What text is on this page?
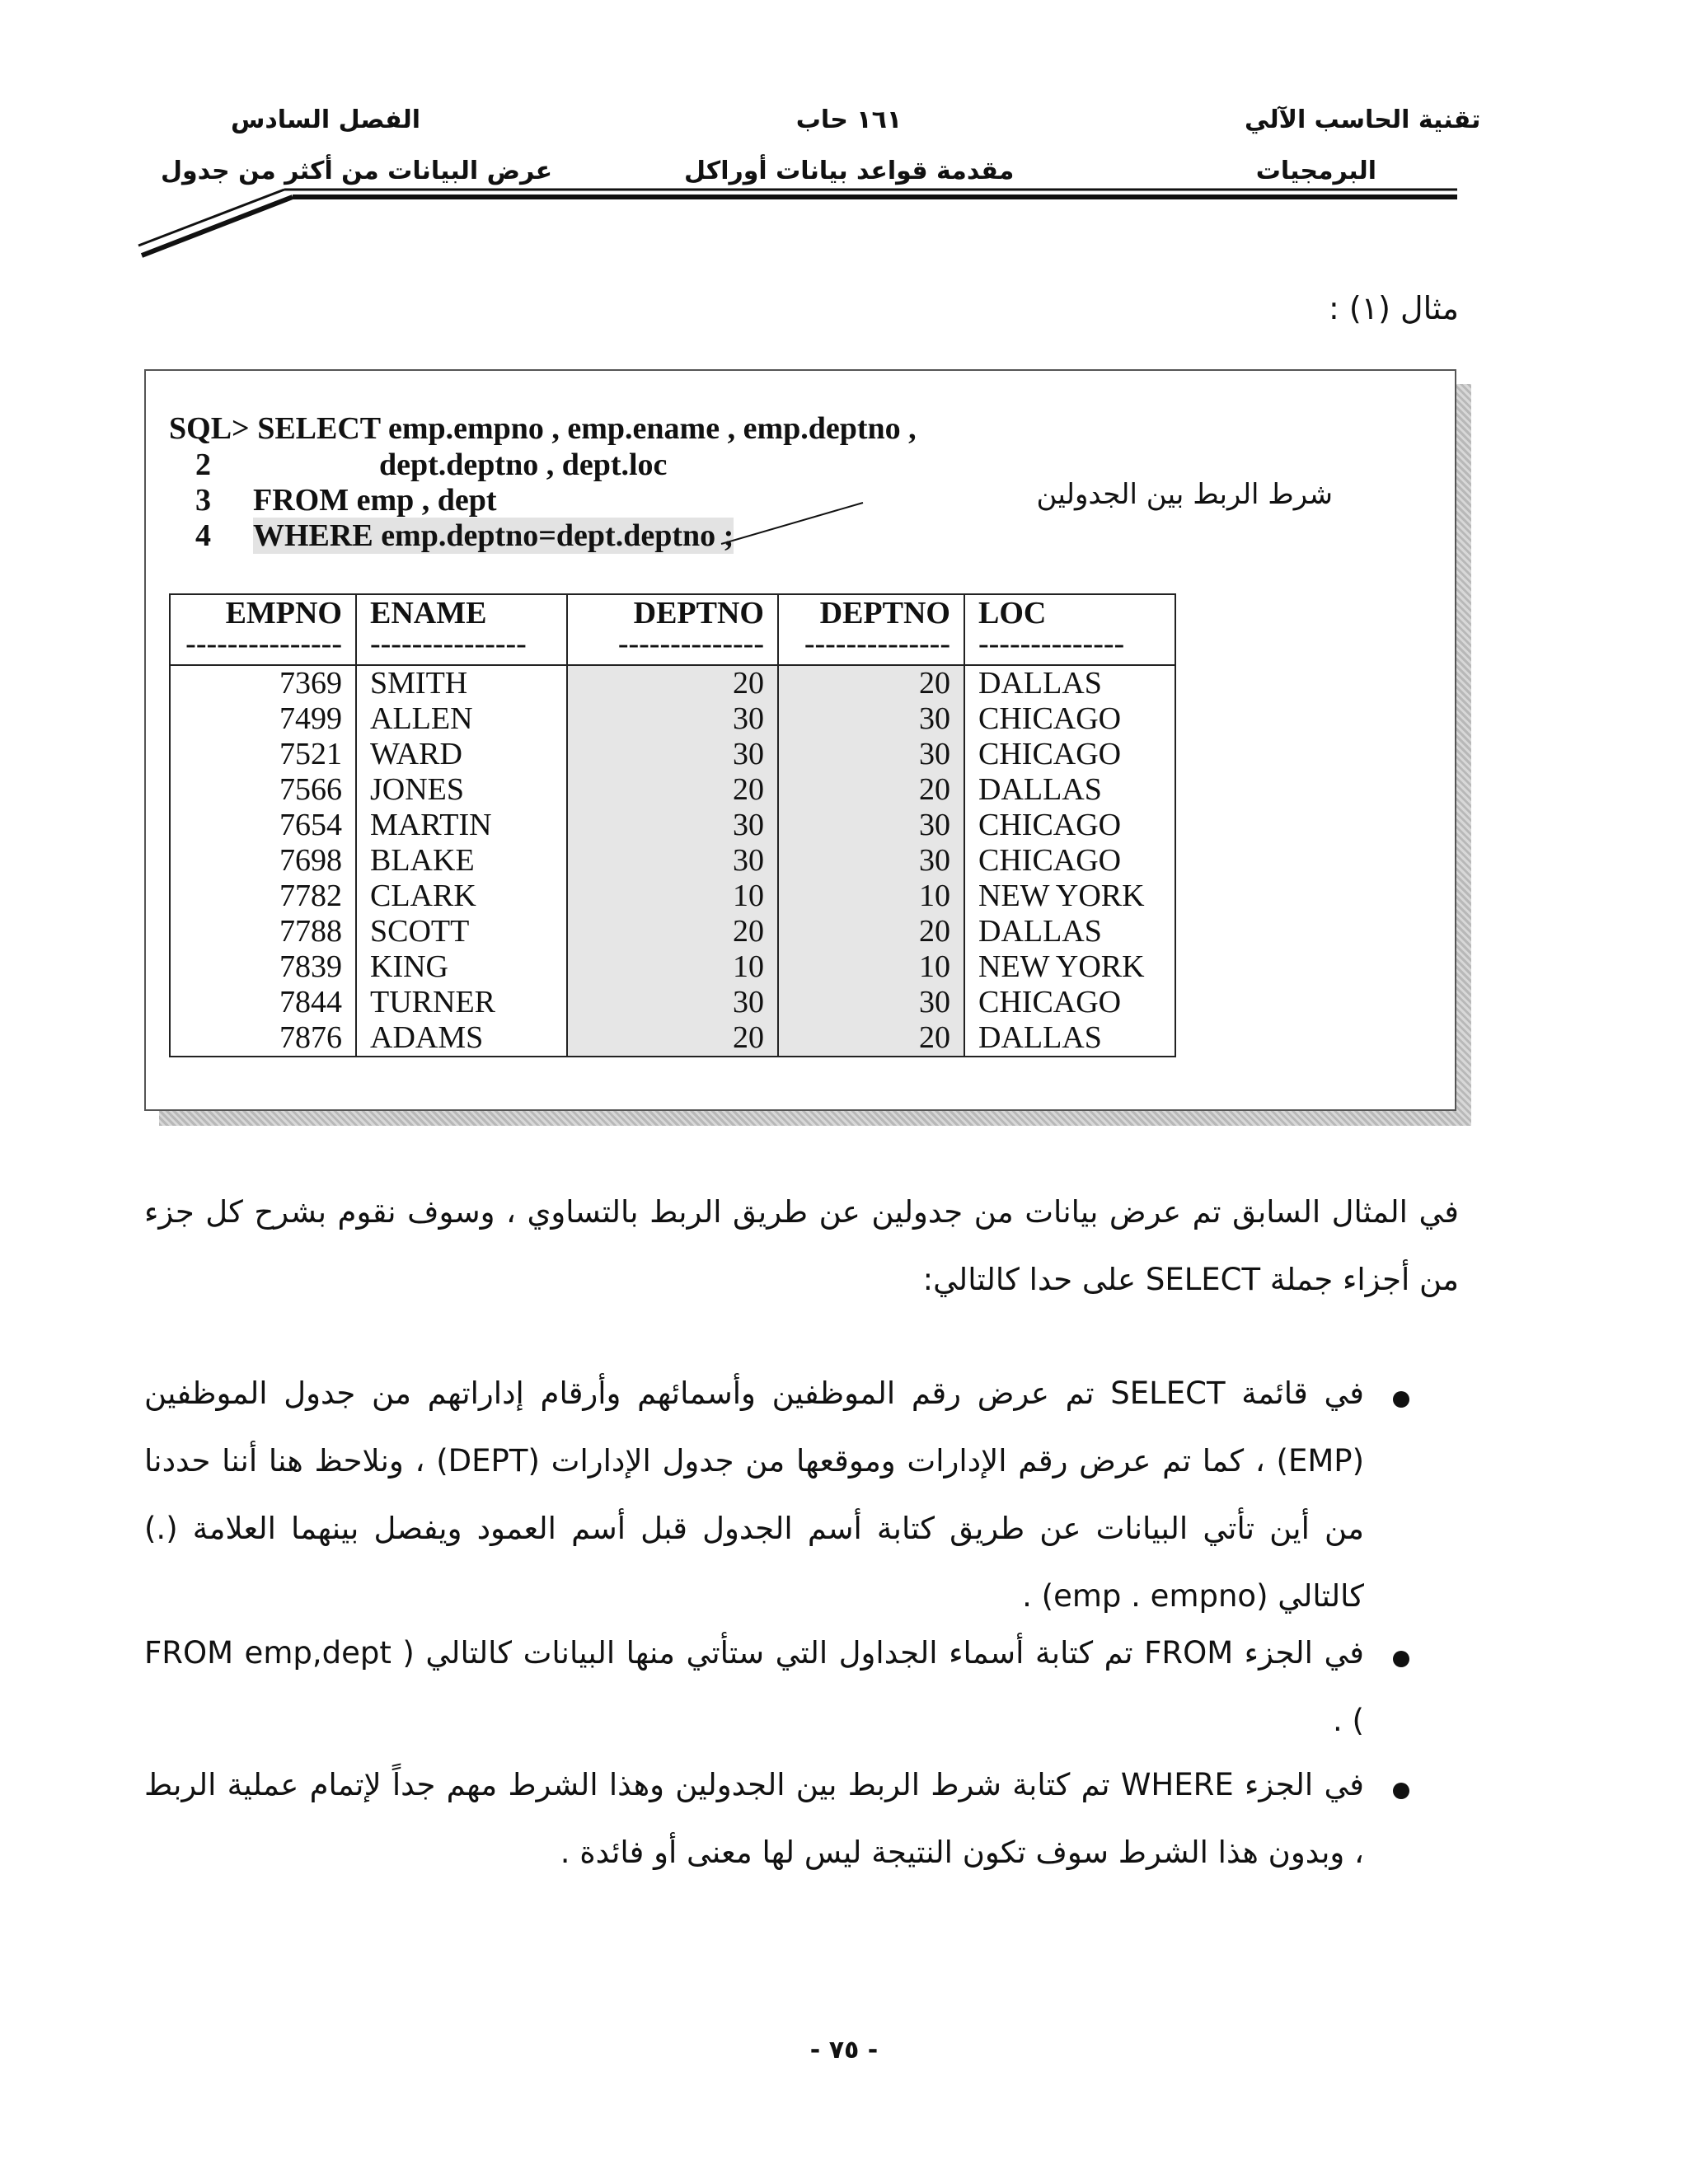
تقنية الحاسب الآلي
البرمجيات
١٦١ حاب
مقدمة قواعد بيانات أوراكل
الفصل السادس
عرض البيانات من أكثر من جدول
مثال (١) :
SQL> SELECT emp.empno , emp.ename , emp.deptno ,
2	dept.deptno , dept.loc
3 FROM emp , dept
4 WHERE emp.deptno=dept.deptno ;
شرط الربط بين الجدولين
EMPNO	ENAME	DEPTNO	DEPTNO	LOC
---------------	---------------	--------------	--------------	--------------
7369	SMITH	20	20	DALLAS
7499	ALLEN	30	30	CHICAGO
7521	WARD	30	30	CHICAGO
7566	JONES	20	20	DALLAS
7654	MARTIN	30	30	CHICAGO
7698	BLAKE	30	30	CHICAGO
7782	CLARK	10	10	NEW YORK
7788	SCOTT	20	20	DALLAS
7839	KING	10	10	NEW YORK
7844	TURNER	30	30	CHICAGO
7876	ADAMS	20	20	DALLAS
في المثال السابق تم عرض بيانات من جدولين عن طريق الربط بالتساوي ، وسوف نقوم بشرح كل جزء من أجزاء جملة SELECT على حدا كالتالي:
في قائمة SELECT تم عرض رقم الموظفين وأسمائهم وأرقام إداراتهم من جدول الموظفين (EMP) ، كما تم عرض رقم الإدارات وموقعها من جدول الإدارات (DEPT) ، ونلاحظ هنا أننا حددنا من أين تأتي البيانات عن طريق كتابة أسم الجدول قبل أسم العمود ويفصل بينهما العلامة (.) كالتالي (emp . empno) .
في الجزء FROM تم كتابة أسماء الجداول التي ستأتي منها البيانات كالتالي ( FROM emp,dept ) .
في الجزء WHERE تم كتابة شرط الربط بين الجدولين وهذا الشرط مهم جداً لإتمام عملية الربط ، وبدون هذا الشرط سوف تكون النتيجة ليس لها معنى أو فائدة .
- ٧٥ -
